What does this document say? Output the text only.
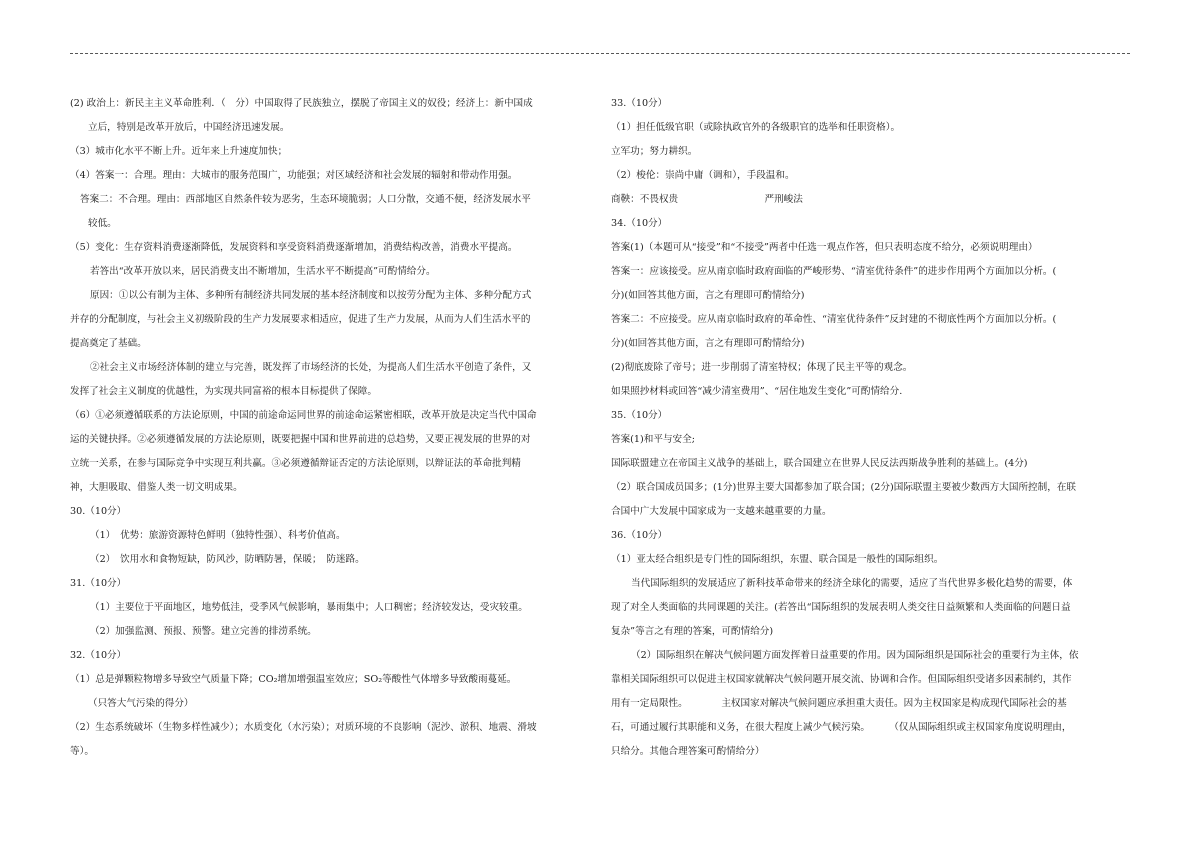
(2) 政治上：新民主主义革命胜利．（　分）中国取得了民族独立，摆脱了帝国主义的奴役；经济上：新中国成
立后，特别是改革开放后，中国经济迅速发展。
（3）城市化水平不断上升。近年来上升速度加快；
（4）答案一：合理。理由：大城市的服务范围广，功能强；对区域经济和社会发展的辐射和带动作用强。
答案二：不合理。理由：西部地区自然条件较为恶劣，生态环境脆弱；人口分散，交通不便，经济发展水平
较低。
（5）变化：生存资料消费逐渐降低，发展资料和享受资料消费逐渐增加，消费结构改善，消费水平提高。
若答出“改革开放以来，居民消费支出不断增加，生活水平不断提高”可酌情给分。
原因：①以公有制为主体、多种所有制经济共同发展的基本经济制度和以按劳分配为主体、多种分配方式
并存的分配制度，与社会主义初级阶段的生产力发展要求相适应，促进了生产力发展，从而为人们生活水平的
提高奠定了基础。
②社会主义市场经济体制的建立与完善，既发挥了市场经济的长处，为提高人们生活水平创造了条件，又
发挥了社会主义制度的优越性，为实现共同富裕的根本目标提供了保障。
（6）①必须遵循联系的方法论原则，中国的前途命运同世界的前途命运紧密相联，改革开放是决定当代中国命
运的关键抉择。②必须遵循发展的方法论原则，既要把握中国和世界前进的总趋势，又要正视发展的世界的对
立统一关系，在参与国际竞争中实现互利共赢。③必须遵循辩证否定的方法论原则，以辩证法的革命批判精
神，大胆吸取、借鉴人类一切文明成果。
30.（10分）
（1）　优势：旅游资源特色鲜明（独特性强）、科考价值高。
（2）　饮用水和食物短缺，防风沙，防晒防暑，保暖；　防迷路。
31.（10分）
（1）主要位于平面地区，地势低洼，受季风气候影响，暴雨集中；人口稠密；经济较发达，受灾较重。
（2）加强监测、预报、预警。建立完善的排涝系统。
32.（10分）
（1）总是弹颗粒物增多导致空气质量下降；CO₂增加增强温室效应；SO₂等酸性气体增多导致酸雨蔓延。
（只答大气污染的得分）
（2）生态系统破坏（生物多样性减少）；水质变化（水污染）；对质环境的不良影响（泥沙、淤积、地震、滑坡
等）。
33.（10分）
（1）担任低级官职（或除执政官外的各级职官的选举和任职资格）。
立军功；努力耕织。
（2）梭伦：崇尚中庸（调和），手段温和。
商鞅：不畏权贵　　　　　　　　　严刑峻法
34.（10分）
答案(1)（本题可从“接受”和“不接受”两者中任选一观点作答，但只表明态度不给分，必须说明理由）
答案一：应该接受。应从南京临时政府面临的严峻形势、“清室优待条件”的进步作用两个方面加以分析。(
分)(如回答其他方面，言之有理即可酌情给分)
答案二：不应接受。应从南京临时政府的革命性、“清室优待条件”反封建的不彻底性两个方面加以分析。(
分)(如回答其他方面，言之有理即可酌情给分)
(2)彻底废除了帝号；进一步削弱了清室特权；体现了民主平等的观念。
如果照抄材料或回答“减少清室费用”、“居住地发生变化”可酌情给分.
35.（10分）
答案(1)和平与安全;
国际联盟建立在帝国主义战争的基础上，联合国建立在世界人民反法西斯战争胜利的基础上。(4分)
（2）联合国成员国多；(1分)世界主要大国都参加了联合国；(2分)国际联盟主要被少数西方大国所控制，在联
合国中广大发展中国家成为一支越来越重要的力量。
36.（10分）
（1）亚太经合组织是专门性的国际组织，东盟、联合国是一般性的国际组织。
当代国际组织的发展适应了新科技革命带来的经济全球化的需要，适应了当代世界多极化趋势的需要，体
现了对全人类面临的共同课题的关注。(若答出“国际组织的发展表明人类交往日益频繁和人类面临的问题日益
复杂”等言之有理的答案，可酌情给分)
（2）国际组织在解决气候问题方面发挥着日益重要的作用。因为国际组织是国际社会的重要行为主体，依
靠相关国际组织可以促进主权国家就解决气候问题开展交流、协调和合作。但国际组织受诸多因素制约，其作
用有一定局限性。　　　　主权国家对解决气候问题应承担重大责任。因为主权国家是构成现代国际社会的基
石，可通过履行其职能和义务，在很大程度上减少气候污染。　　　（仅从国际组织或主权国家角度说明理由，
只给分。其他合理答案可酌情给分）
